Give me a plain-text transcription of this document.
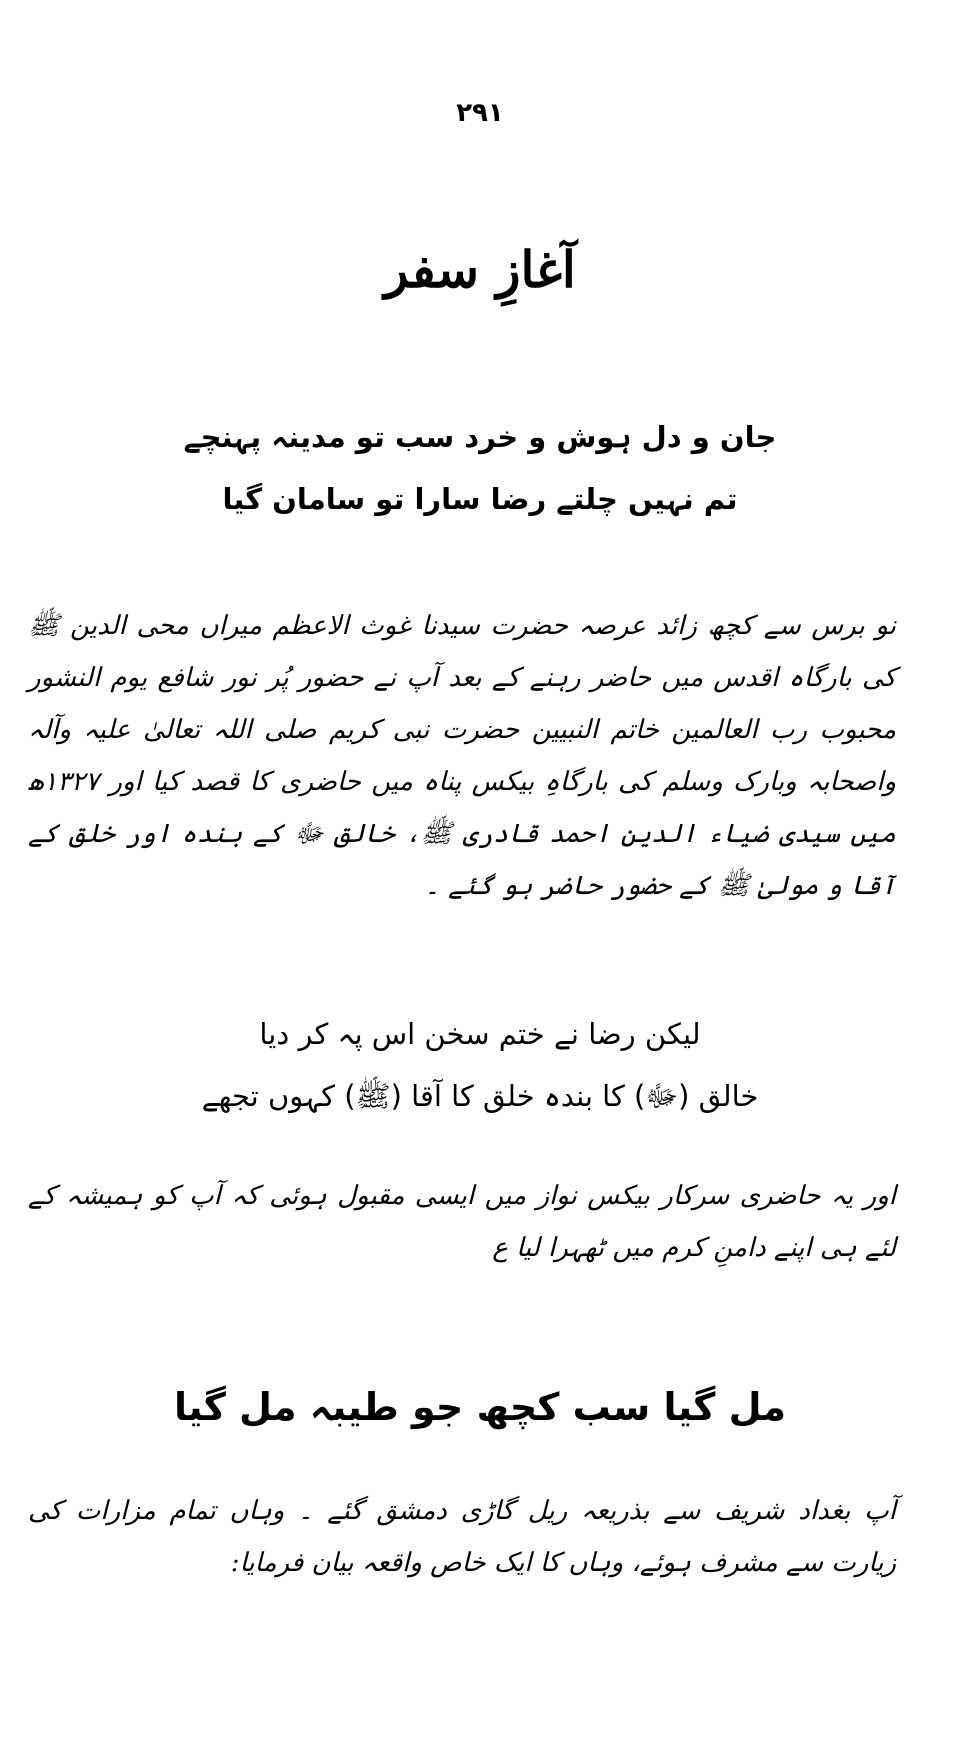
۲۹۱
آغازِ سفر
جان و دل ہوش و خرد سب تو مدینہ پہنچے
تم نہیں چلتے رضا سارا تو سامان گیا
نو برس سے کچھ زائد عرصہ حضرت سیدنا غوث الاعظم میراں محی الدین ﷺ کی بارگاہ اقدس میں حاضر رہنے کے بعد آپ نے حضور پُر نور شافع یوم النشور محبوب رب العالمین خاتم النبیین حضرت نبی کریم صلی اللہ تعالیٰ علیہ وآلہ واصحابہ وبارک وسلم کی بارگاہِ بیکس پناہ میں حاضری کا قصد کیا اور ۱۳۲۷ھ میں سیدی ضیاء الدین احمد قادری ﷺ، خالق ﷻ کے بندہ اور خلق کے آقا و مولیٰ ﷺ کے حضور حاضر ہو گئے ۔
لیکن رضا نے ختم سخن اس پہ کر دیا
خالق (ﷻ) کا بندہ خلق کا آقا (ﷺ) کہوں تجھے
اور یہ حاضری سرکار بیکس نواز میں ایسی مقبول ہوئی کہ آپ کو ہمیشہ کے لئے ہی اپنے دامنِ کرم میں ٹھہرا لیا ع
مل گیا سب کچھ جو طیبہ مل گیا
آپ بغداد شریف سے بذریعہ ریل گاڑی دمشق گئے ۔ وہاں تمام مزارات کی زیارت سے مشرف ہوئے، وہاں کا ایک خاص واقعہ بیان فرمایا:
